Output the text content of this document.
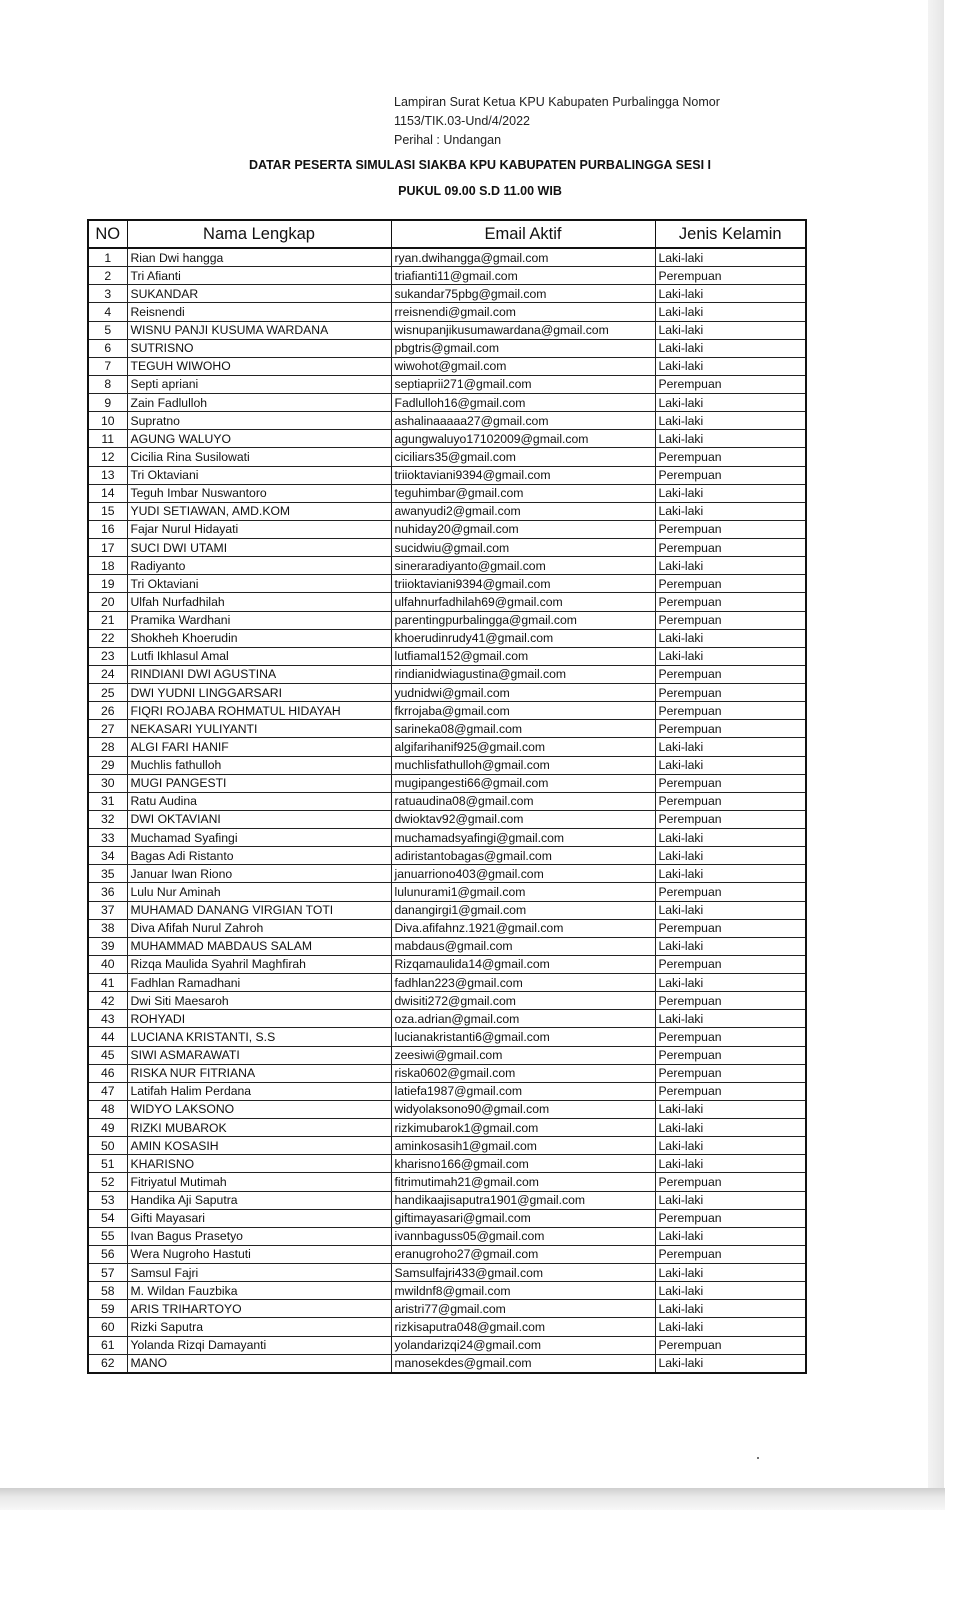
Lampiran Surat Ketua KPU Kabupaten Purbalingga Nomor
1153/TIK.03-Und/4/2022
Perihal : Undangan
DATAR PESERTA SIMULASI SIAKBA KPU KABUPATEN PURBALINGGA SESI I
PUKUL 09.00 S.D 11.00 WIB
NO	Nama Lengkap	Email Aktif	Jenis Kelamin
1	Rian Dwi hangga	ryan.dwihangga@gmail.com	Laki-laki
2	Tri Afianti	triafianti11@gmail.com	Perempuan
3	SUKANDAR	sukandar75pbg@gmail.com	Laki-laki
4	Reisnendi	rreisnendi@gmail.com	Laki-laki
5	WISNU PANJI KUSUMA WARDANA	wisnupanjikusumawardana@gmail.com	Laki-laki
6	SUTRISNO	pbgtris@gmail.com	Laki-laki
7	TEGUH WIWOHO	wiwohot@gmail.com	Laki-laki
8	Septi apriani	septiaprii271@gmail.com	Perempuan
9	Zain Fadlulloh	Fadlulloh16@gmail.com	Laki-laki
10	Supratno	ashalinaaaaa27@gmail.com	Laki-laki
11	AGUNG WALUYO	agungwaluyo17102009@gmail.com	Laki-laki
12	Cicilia Rina Susilowati	ciciliars35@gmail.com	Perempuan
13	Tri Oktaviani	triioktaviani9394@gmail.com	Perempuan
14	Teguh Imbar Nuswantoro	teguhimbar@gmail.com	Laki-laki
15	YUDI SETIAWAN, AMD.KOM	awanyudi2@gmail.com	Laki-laki
16	Fajar Nurul Hidayati	nuhiday20@gmail.com	Perempuan
17	SUCI DWI UTAMI	sucidwiu@gmail.com	Perempuan
18	Radiyanto	sineraradiyanto@gmail.com	Laki-laki
19	Tri Oktaviani	triioktaviani9394@gmail.com	Perempuan
20	Ulfah Nurfadhilah	ulfahnurfadhilah69@gmail.com	Perempuan
21	Pramika Wardhani	parentingpurbalingga@gmail.com	Perempuan
22	Shokheh Khoerudin	khoerudinrudy41@gmail.com	Laki-laki
23	Lutfi Ikhlasul Amal	lutfiamal152@gmail.com	Laki-laki
24	RINDIANI DWI AGUSTINA	rindianidwiagustina@gmail.com	Perempuan
25	DWI YUDNI LINGGARSARI	yudnidwi@gmail.com	Perempuan
26	FIQRI ROJABA ROHMATUL HIDAYAH	fkrrojaba@gmail.com	Perempuan
27	NEKASARI YULIYANTI	sarineka08@gmail.com	Perempuan
28	ALGI FARI HANIF	algifarihanif925@gmail.com	Laki-laki
29	Muchlis fathulloh	muchlisfathulloh@gmail.com	Laki-laki
30	MUGI PANGESTI	mugipangesti66@gmail.com	Perempuan
31	Ratu Audina	ratuaudina08@gmail.com	Perempuan
32	DWI OKTAVIANI	dwioktav92@gmail.com	Perempuan
33	Muchamad Syafingi	muchamadsyafingi@gmail.com	Laki-laki
34	Bagas Adi Ristanto	adiristantobagas@gmail.com	Laki-laki
35	Januar Iwan Riono	januarriono403@gmail.com	Laki-laki
36	Lulu Nur Aminah	lulunurami1@gmail.com	Perempuan
37	MUHAMAD DANANG VIRGIAN TOTI	danangirgi1@gmail.com	Laki-laki
38	Diva Afifah Nurul Zahroh	Diva.afifahnz.1921@gmail.com	Perempuan
39	MUHAMMAD MABDAUS SALAM	mabdaus@gmail.com	Laki-laki
40	Rizqa Maulida Syahril Maghfirah	Rizqamaulida14@gmail.com	Perempuan
41	Fadhlan Ramadhani	fadhlan223@gmail.com	Laki-laki
42	Dwi Siti Maesaroh	dwisiti272@gmail.com	Perempuan
43	ROHYADI	oza.adrian@gmail.com	Laki-laki
44	LUCIANA KRISTANTI, S.S	lucianakristanti6@gmail.com	Perempuan
45	SIWI ASMARAWATI	zeesiwi@gmail.com	Perempuan
46	RISKA NUR FITRIANA	riska0602@gmail.com	Perempuan
47	Latifah Halim Perdana	latiefa1987@gmail.com	Perempuan
48	WIDYO LAKSONO	widyolaksono90@gmail.com	Laki-laki
49	RIZKI MUBAROK	rizkimubarok1@gmail.com	Laki-laki
50	AMIN KOSASIH	aminkosasih1@gmail.com	Laki-laki
51	KHARISNO	kharisno166@gmail.com	Laki-laki
52	Fitriyatul Mutimah	fitrimutimah21@gmail.com	Perempuan
53	Handika Aji Saputra	handikaajisaputra1901@gmail.com	Laki-laki
54	Gifti Mayasari	giftimayasari@gmail.com	Perempuan
55	Ivan Bagus Prasetyo	ivannbaguss05@gmail.com	Laki-laki
56	Wera Nugroho Hastuti	eranugroho27@gmail.com	Perempuan
57	Samsul Fajri	Samsulfajri433@gmail.com	Laki-laki
58	M. Wildan Fauzbika	mwildnf8@gmail.com	Laki-laki
59	ARIS TRIHARTOYO	aristri77@gmail.com	Laki-laki
60	Rizki Saputra	rizkisaputra048@gmail.com	Laki-laki
61	Yolanda Rizqi Damayanti	yolandarizqi24@gmail.com	Perempuan
62	MANO	manosekdes@gmail.com	Laki-laki
